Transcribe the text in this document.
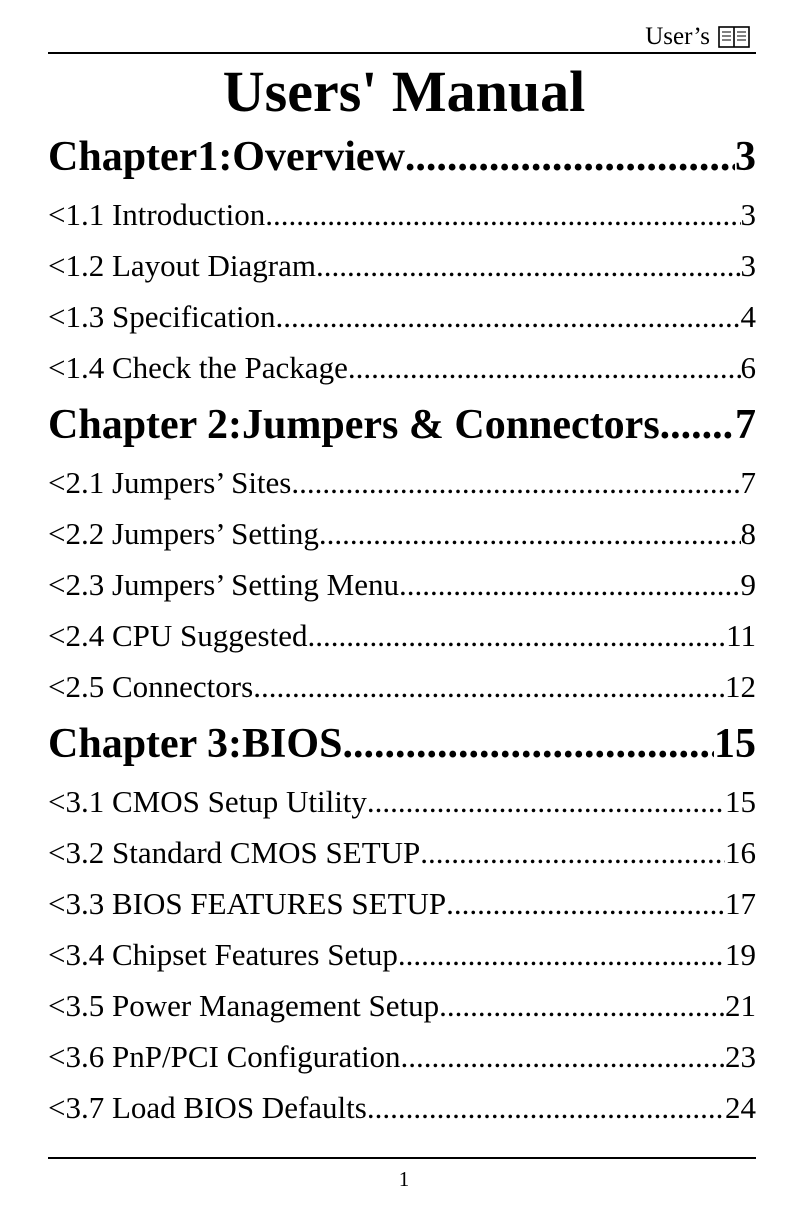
User’s
Users' Manual
Chapter1:Overview .....	3
<1.1 Introduction .....	3
<1.2 Layout Diagram .....	3
<1.3 Specification .....	4
<1.4 Check the Package .....	6
Chapter 2:Jumpers & Connectors ..... 7
<2.1 Jumpers’ Sites .....	7
<2.2 Jumpers’ Setting .....	8
<2.3 Jumpers’ Setting Menu .....	9
<2.4 CPU Suggested .....	11
<2.5 Connectors .....	12
Chapter 3:BIOS .....	15
<3.1 CMOS Setup Utility .....	15
<3.2 Standard CMOS SETUP .....	16
<3.3 BIOS FEATURES SETUP .....	17
<3.4 Chipset Features Setup .....	19
<3.5 Power Management Setup .....	21
<3.6 PnP/PCI Configuration .....	23
<3.7 Load BIOS Defaults .....	24
1
